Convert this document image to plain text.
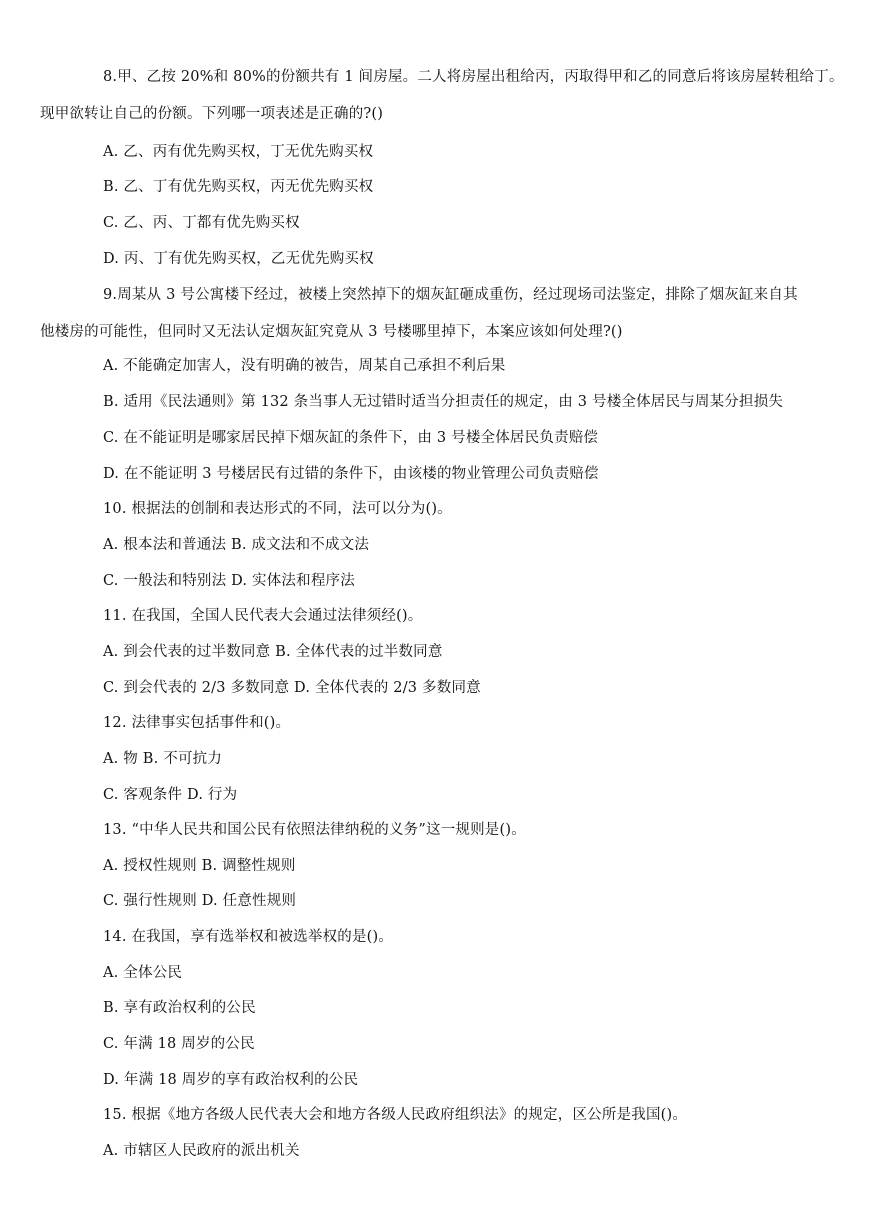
8.甲、乙按 20%和 80%的份额共有 1 间房屋。二人将房屋出租给丙，丙取得甲和乙的同意后将该房屋转租给丁。
现甲欲转让自己的份额。下列哪一项表述是正确的?()
A. 乙、丙有优先购买权，丁无优先购买权
B. 乙、丁有优先购买权，丙无优先购买权
C. 乙、丙、丁都有优先购买权
D. 丙、丁有优先购买权，乙无优先购买权
9.周某从 3 号公寓楼下经过，被楼上突然掉下的烟灰缸砸成重伤，经过现场司法鉴定，排除了烟灰缸来自其
他楼房的可能性，但同时又无法认定烟灰缸究竟从 3 号楼哪里掉下，本案应该如何处理?()
A. 不能确定加害人，没有明确的被告，周某自己承担不利后果
B. 适用《民法通则》第 132 条当事人无过错时适当分担责任的规定，由 3 号楼全体居民与周某分担损失
C. 在不能证明是哪家居民掉下烟灰缸的条件下，由 3 号楼全体居民负责赔偿
D. 在不能证明 3 号楼居民有过错的条件下，由该楼的物业管理公司负责赔偿
10. 根据法的创制和表达形式的不同，法可以分为()。
A. 根本法和普通法 B. 成文法和不成文法
C. 一般法和特别法 D. 实体法和程序法
11. 在我国，全国人民代表大会通过法律须经()。
A. 到会代表的过半数同意 B. 全体代表的过半数同意
C. 到会代表的 2/3 多数同意 D. 全体代表的 2/3 多数同意
12. 法律事实包括事件和()。
A. 物 B. 不可抗力
C. 客观条件 D. 行为
13. “中华人民共和国公民有依照法律纳税的义务”这一规则是()。
A. 授权性规则 B. 调整性规则
C. 强行性规则 D. 任意性规则
14. 在我国，享有选举权和被选举权的是()。
A. 全体公民
B. 享有政治权利的公民
C. 年满 18 周岁的公民
D. 年满 18 周岁的享有政治权利的公民
15. 根据《地方各级人民代表大会和地方各级人民政府组织法》的规定，区公所是我国()。
A. 市辖区人民政府的派出机关
